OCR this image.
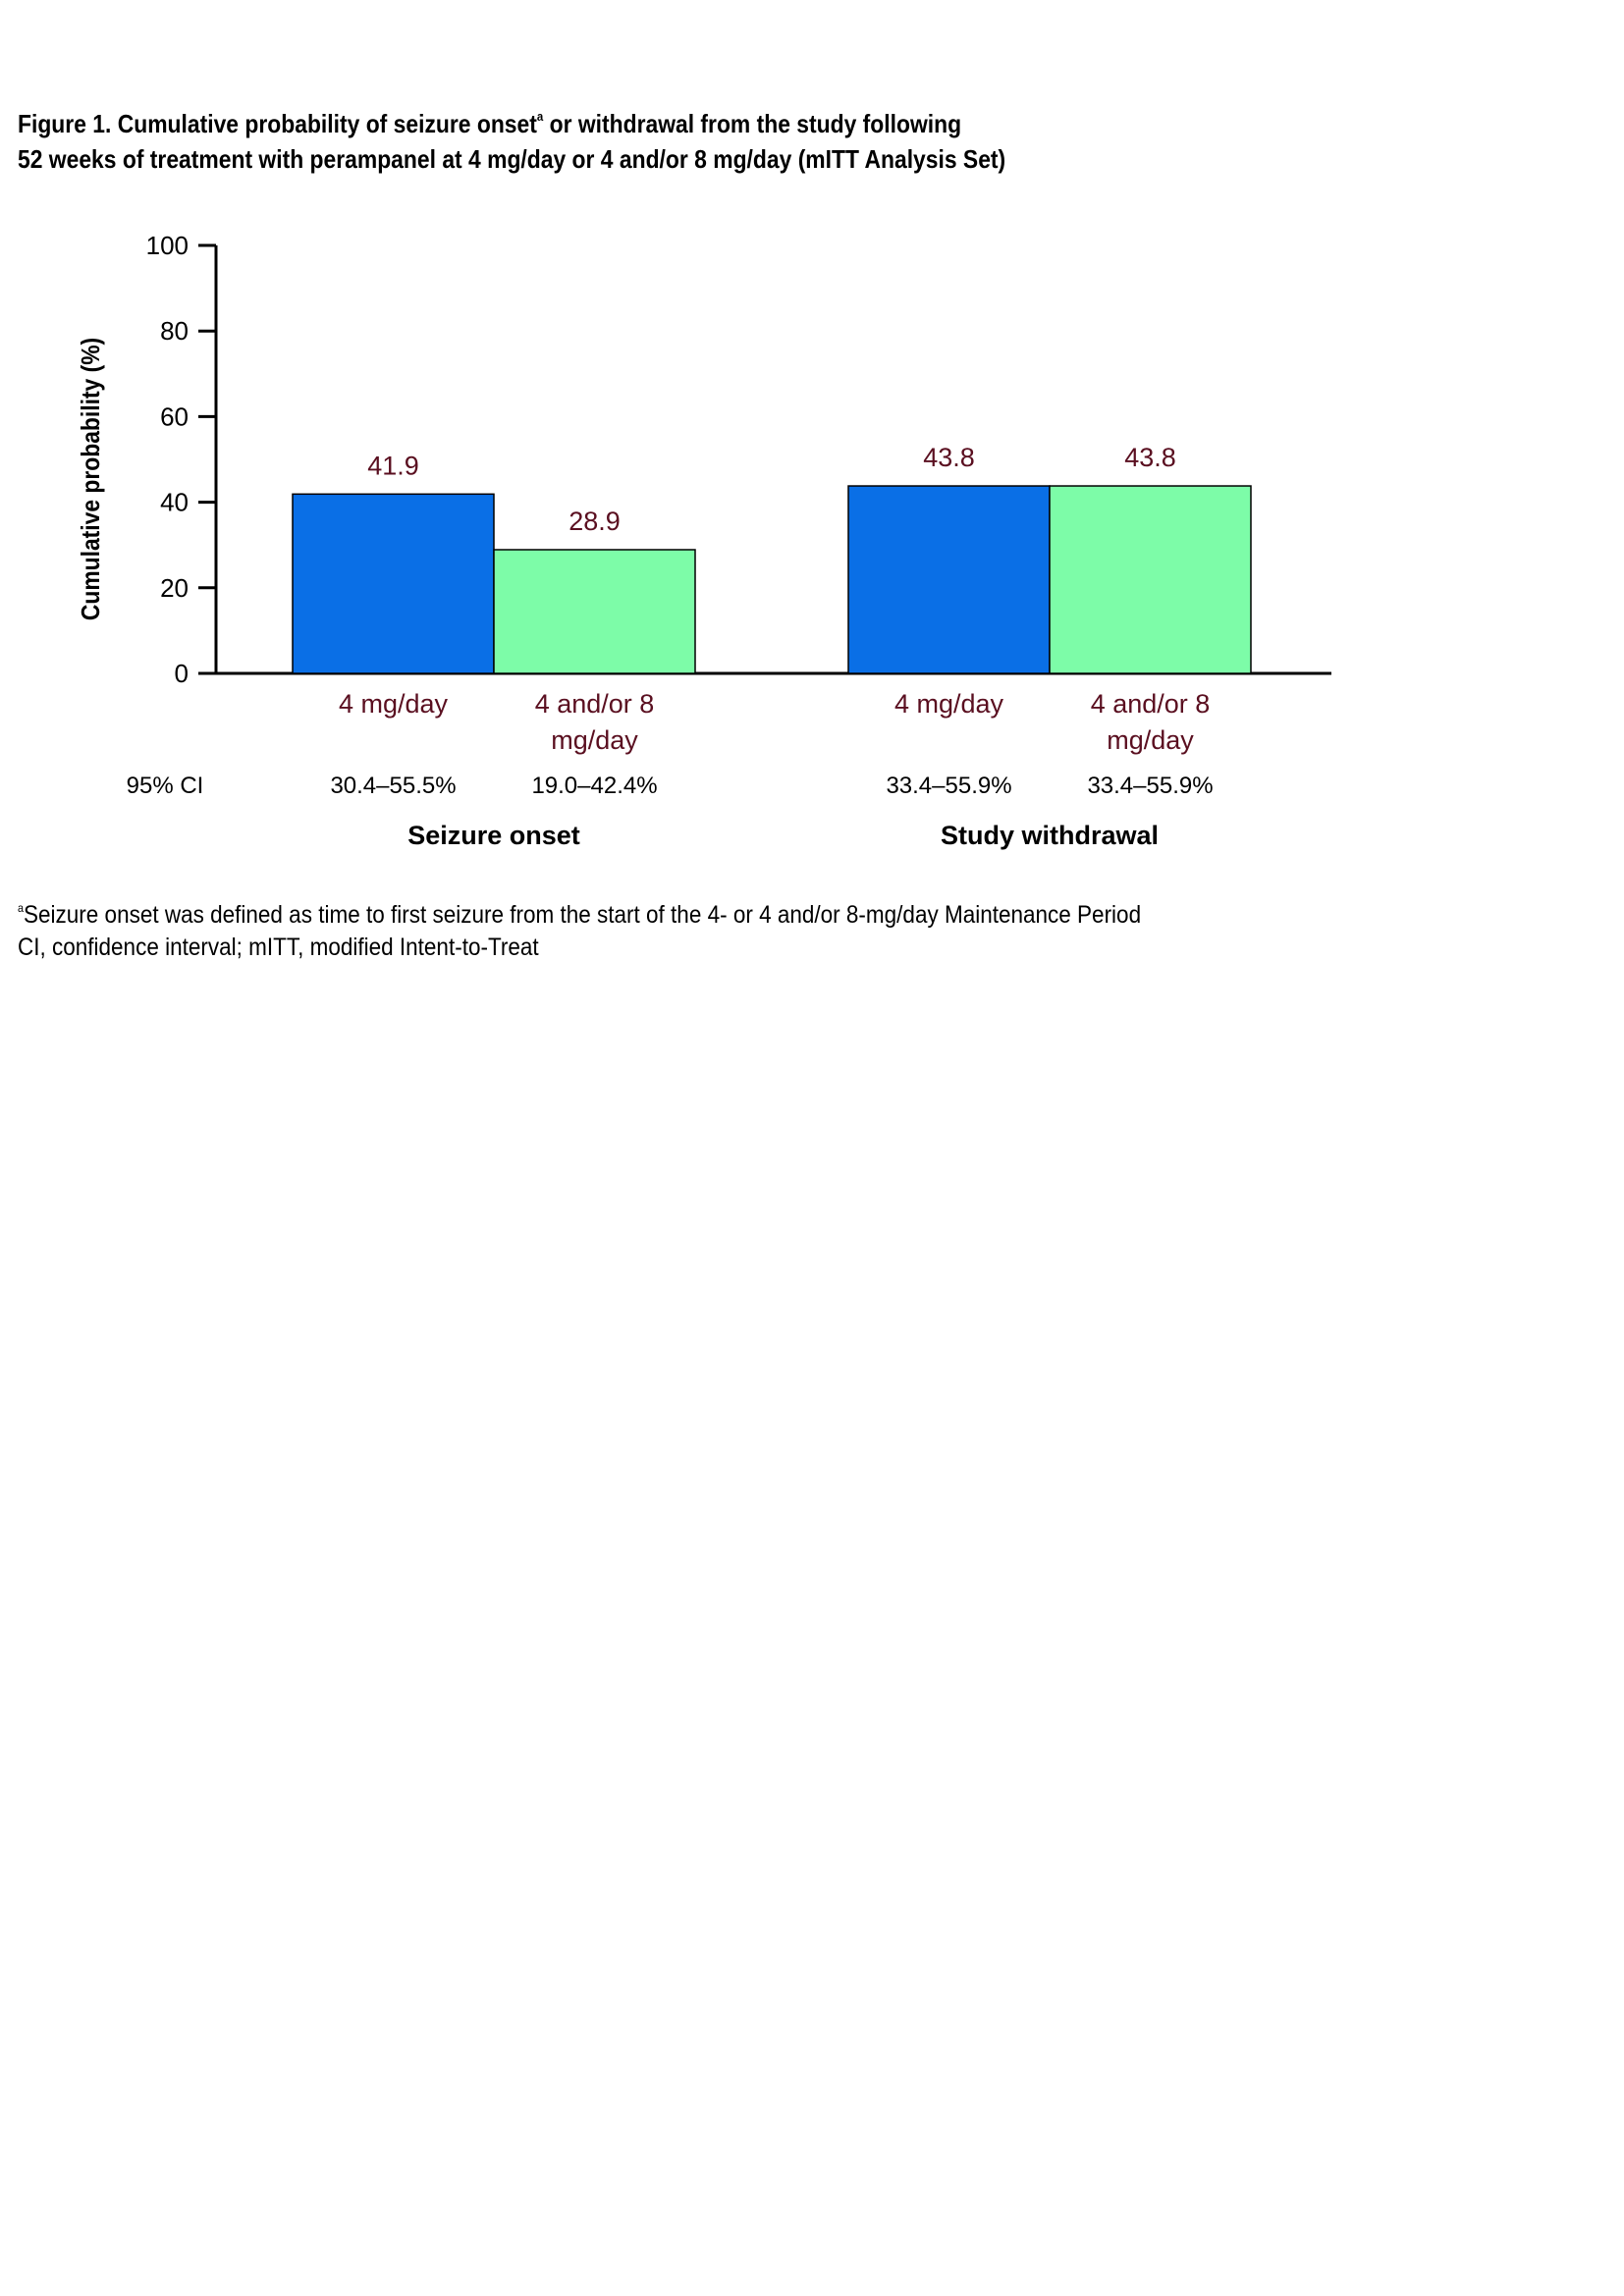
Figure 1. Cumulative probability of seizure onset$^a$ or withdrawal from the study following
52 weeks of treatment with perampanel at 4 mg/day or 4 and/or 8 mg/day (mITT Analysis Set)
0
20
40
60
80
100
Cumulative probability (%)
95% CI
41.9
4 mg/day
30.4–55.5%
28.9
4 and/or 8
mg/day
19.0–42.4%
Seizure onset
43.8
4 mg/day
33.4–55.9%
43.8
4 and/or 8
mg/day
33.4–55.9%
Study withdrawal
$^a$Seizure onset was defined as time to first seizure from the start of the 4- or 4 and/or 8-mg/day Maintenance Period
CI, confidence interval; mITT, modified Intent-to-Treat
